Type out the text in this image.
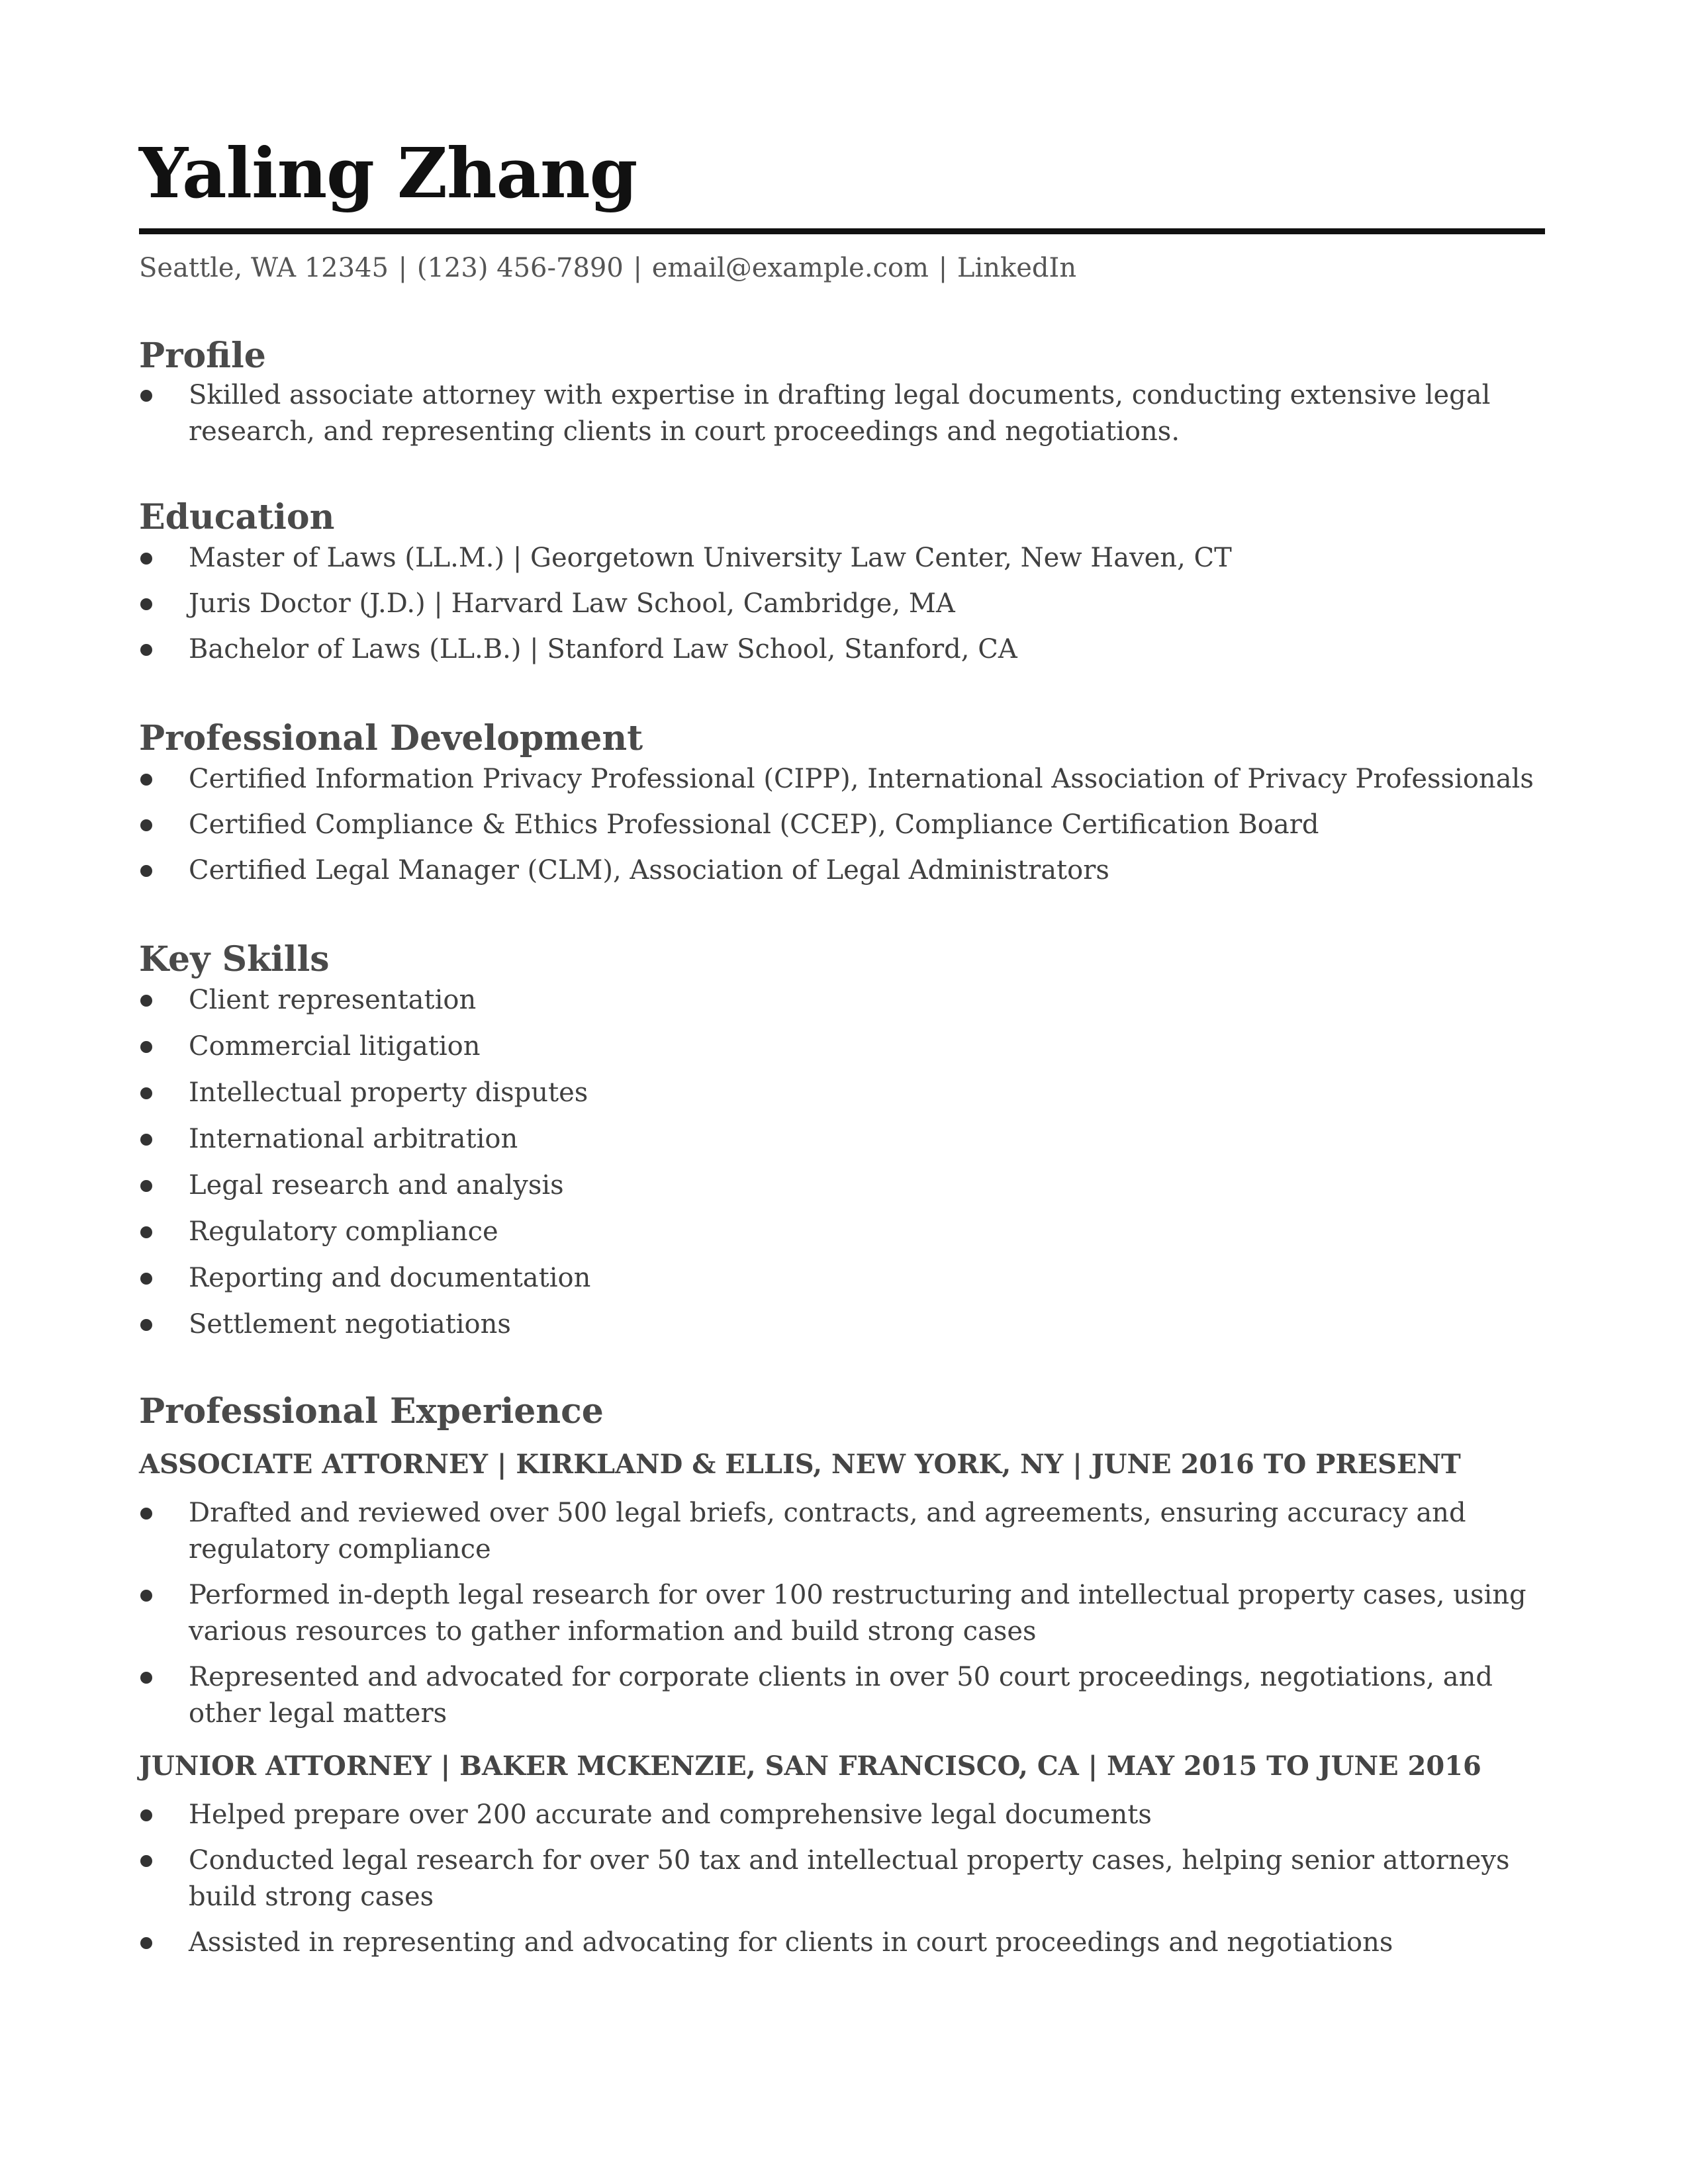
Yaling Zhang
Seattle, WA 12345 | (123) 456-7890 | email@example.com | LinkedIn
Profile
Skilled associate attorney with expertise in drafting legal documents, conducting extensive legal research, and representing clients in court proceedings and negotiations.
Education
Master of Laws (LL.M.) | Georgetown University Law Center, New Haven, CT
Juris Doctor (J.D.) | Harvard Law School, Cambridge, MA
Bachelor of Laws (LL.B.) | Stanford Law School, Stanford, CA
Professional Development
Certified Information Privacy Professional (CIPP), International Association of Privacy Professionals
Certified Compliance & Ethics Professional (CCEP), Compliance Certification Board
Certified Legal Manager (CLM), Association of Legal Administrators
Key Skills
Client representation
Commercial litigation
Intellectual property disputes
International arbitration
Legal research and analysis
Regulatory compliance
Reporting and documentation
Settlement negotiations
Professional Experience
ASSOCIATE ATTORNEY | KIRKLAND & ELLIS, NEW YORK, NY | JUNE 2016 TO PRESENT
Drafted and reviewed over 500 legal briefs, contracts, and agreements, ensuring accuracy and regulatory compliance
Performed in-depth legal research for over 100 restructuring and intellectual property cases, using various resources to gather information and build strong cases
Represented and advocated for corporate clients in over 50 court proceedings, negotiations, and other legal matters
JUNIOR ATTORNEY | BAKER MCKENZIE, SAN FRANCISCO, CA | MAY 2015 TO JUNE 2016
Helped prepare over 200 accurate and comprehensive legal documents
Conducted legal research for over 50 tax and intellectual property cases, helping senior attorneys build strong cases
Assisted in representing and advocating for clients in court proceedings and negotiations
